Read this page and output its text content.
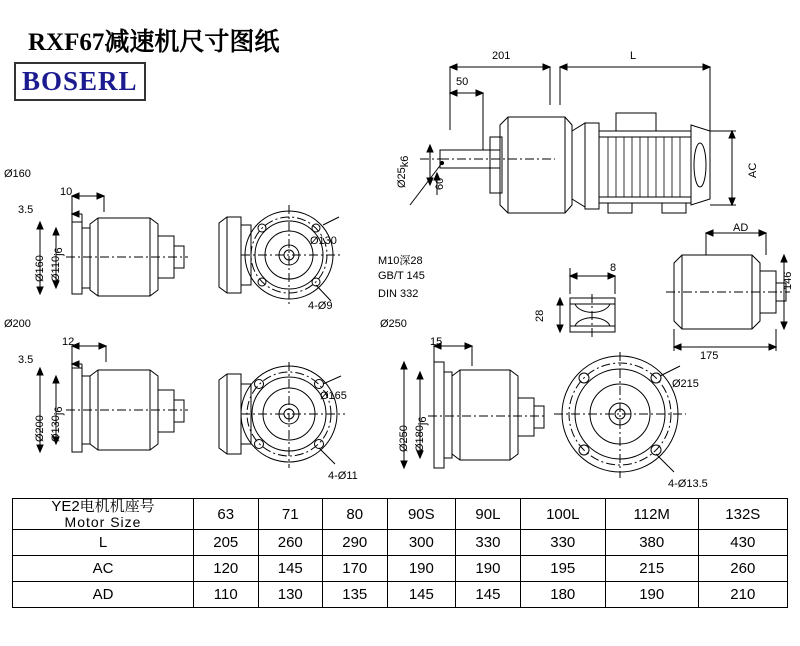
RXF67减速机尺寸图纸
BOSERL
201	L
50
Ø25k6
60
AC
M10深28
GB/T 145
DIN 332
8
28
AD
146
175
Ø160
10
3.5
Ø160 Ø110j6
Ø130
4-Ø9
Ø200
12
3.5
Ø200 Ø130j6
Ø165
4-Ø11
Ø250
15
Ø250 Ø180j6
Ø215
4-Ø13.5
YE2电机机座号
Motor Size	63	71	80	90S	90L	100L	112M	132S
L	205	260	290	300	330	330	380	430
AC	120	145	170	190	190	195	215	260
AD	110	130	135	145	145	180	190	210
